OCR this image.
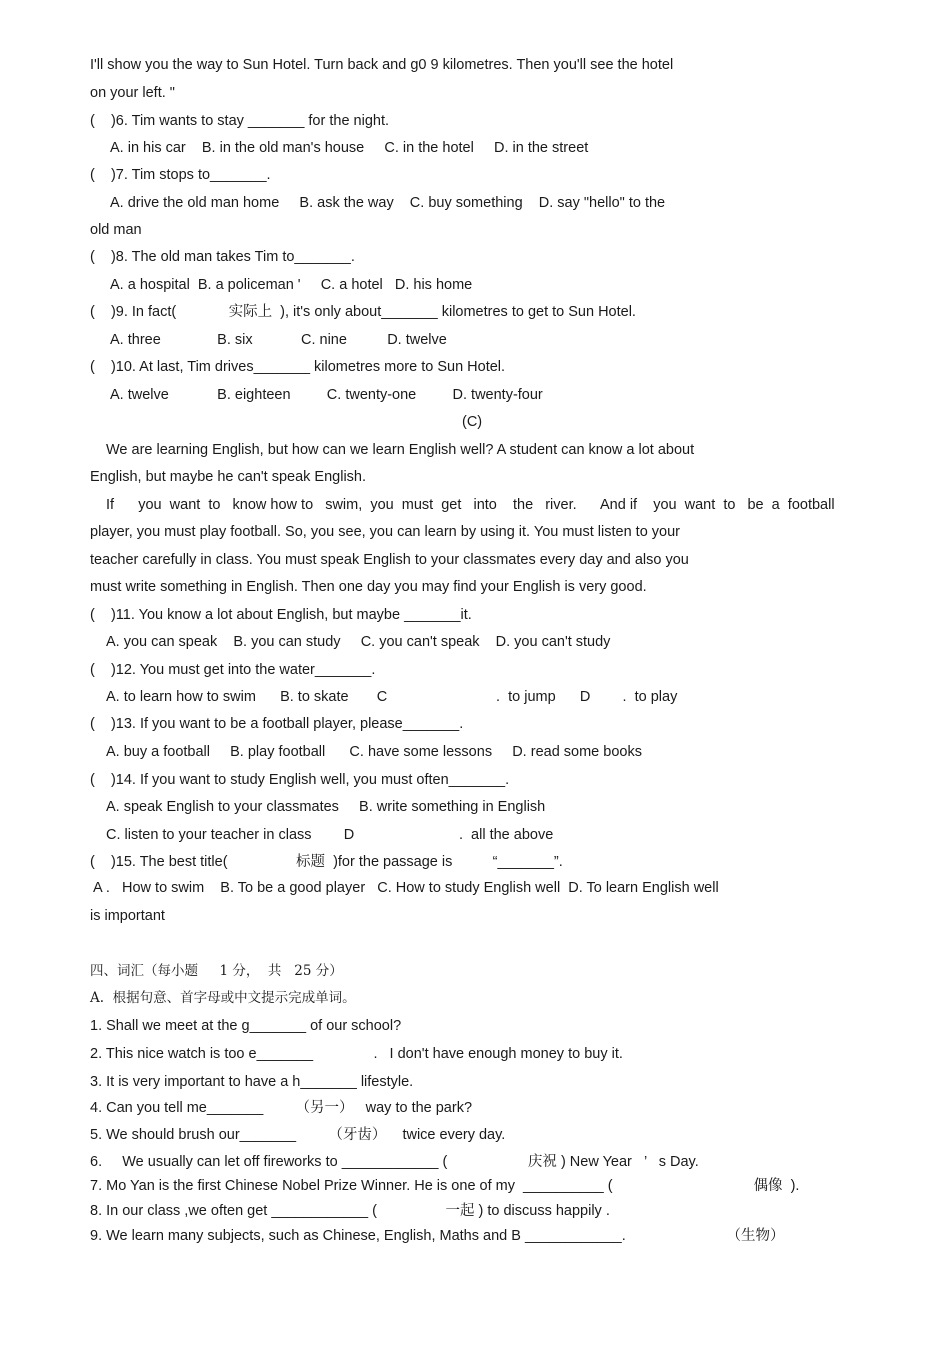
I'll show you the way to Sun Hotel. Turn back and g0 9 kilometres. Then you'll see the hotel
on your left. "
(    )6. Tim wants to stay _______ for the night.
A. in his car    B. in the old man's house     C. in the hotel     D. in the street
(    )7. Tim stops to_______.
A. drive the old man home     B. ask the way    C. buy something    D. say "hello" to the
old man
(    )8. The old man takes Tim to_______.
A. a hospital  B. a policeman '     C. a hotel   D. his home
(    )9. In fact(             实际上  ), it's only about_______ kilometres to get to Sun Hotel.
A. three              B. six            C. nine          D. twelve
(    )10. At last, Tim drives_______ kilometres more to Sun Hotel.
A. twelve            B. eighteen         C. twenty-one         D. twenty-four
(C)
We are learning English, but how can we learn English well? A student can know a lot about
English, but maybe he can't speak English.
If      you  want  to   know how to   swim,  you  must  get   into    the   river.      And if    you  want  to   be  a  football
player, you must play football. So, you see, you can learn by using it. You must listen to your
teacher carefully in class. You must speak English to your classmates every day and also you
must write something in English. Then one day you may find your English is very good.
(    )11. You know a lot about English, but maybe _______it.
A. you can speak    B. you can study     C. you can't speak    D. you can't study
(    )12. You must get into the water_______.
A. to learn how to swim      B. to skate       C                           .  to jump      D        .  to play
(    )13. If you want to be a football player, please_______.
A. buy a football     B. play football      C. have some lessons     D. read some books
(    )14. If you want to study English well, you must often_______.
A. speak English to your classmates     B. write something in English
C. listen to your teacher in class        D                          .  all the above
(    )15. The best title(                 标题  )for the passage is          “_______”.
A .   How to swim    B. To be a good player   C. How to study English well  D. To learn English well
is important
四、词汇（每小题     1 分，  共   25 分）
A.  根据句意、首字母或中文提示完成单词。
1. Shall we meet at the g_______ of our school?
2. This nice watch is too e_______               .   I don't have enough money to buy it.
3. It is very important to have a h_______ lifestyle.
4. Can you tell me_______        （另一）   way to the park?
5. We should brush our_______        （牙齿）    twice every day.
6.     We usually can let off fireworks to ____________ (                    庆祝 ) New Year   ’   s Day.
7. Mo Yan is the first Chinese Nobel Prize Winner. He is one of my  __________ (                                   偶像  ).
8. In our class ,we often get ____________ (                 一起 ) to discuss happily .
9. We learn many subjects, such as Chinese, English, Maths and B ____________.                         （生物）
